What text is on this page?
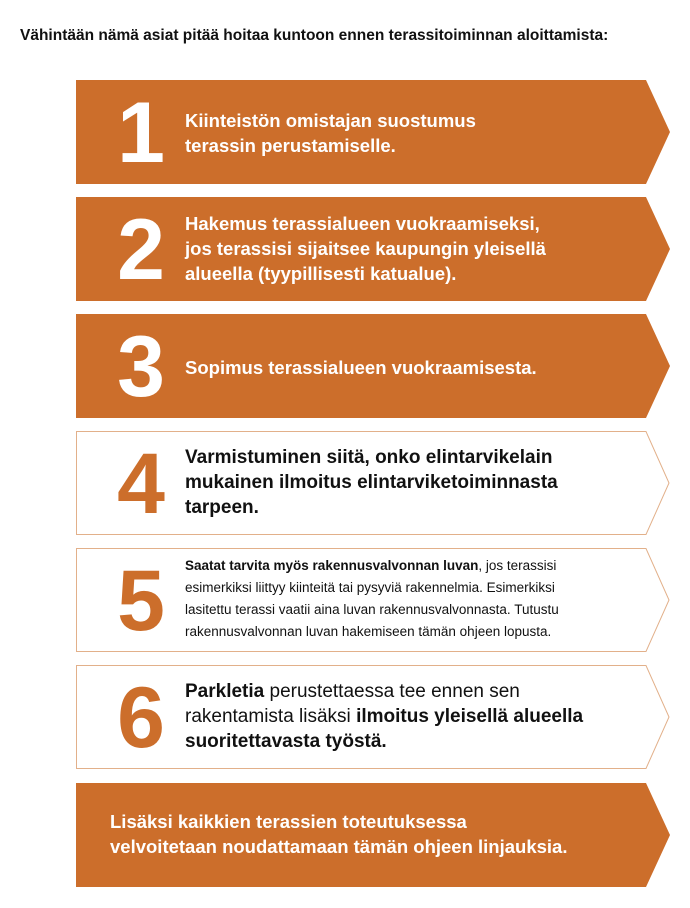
Vähintään nämä asiat pitää hoitaa kuntoon ennen terassitoiminnan aloittamista:
1	Kiinteistön omistajan suostumus
terassin perustamiselle.
2	Hakemus terassialueen vuokraamiseksi,
jos terassisi sijaitsee kaupungin yleisellä
alueella (tyypillisesti katualue).
3	Sopimus terassialueen vuokraamisesta.
4	Varmistuminen siitä, onko elintarvikelain
mukainen ilmoitus elintarviketoiminnasta
tarpeen.
5	Saatat tarvita myös rakennusvalvonnan luvan, jos terassisi
esimerkiksi liittyy kiinteitä tai pysyviä rakennelmia. Esimerkiksi
lasitettu terassi vaatii aina luvan rakennusvalvonnasta. Tutustu
rakennusvalvonnan luvan hakemiseen tämän ohjeen lopusta.
6	Parkletia perustettaessa tee ennen sen
rakentamista lisäksi ilmoitus yleisellä alueella
suoritettavasta työstä.
Lisäksi kaikkien terassien toteutuksessa
velvoitetaan noudattamaan tämän ohjeen linjauksia.
